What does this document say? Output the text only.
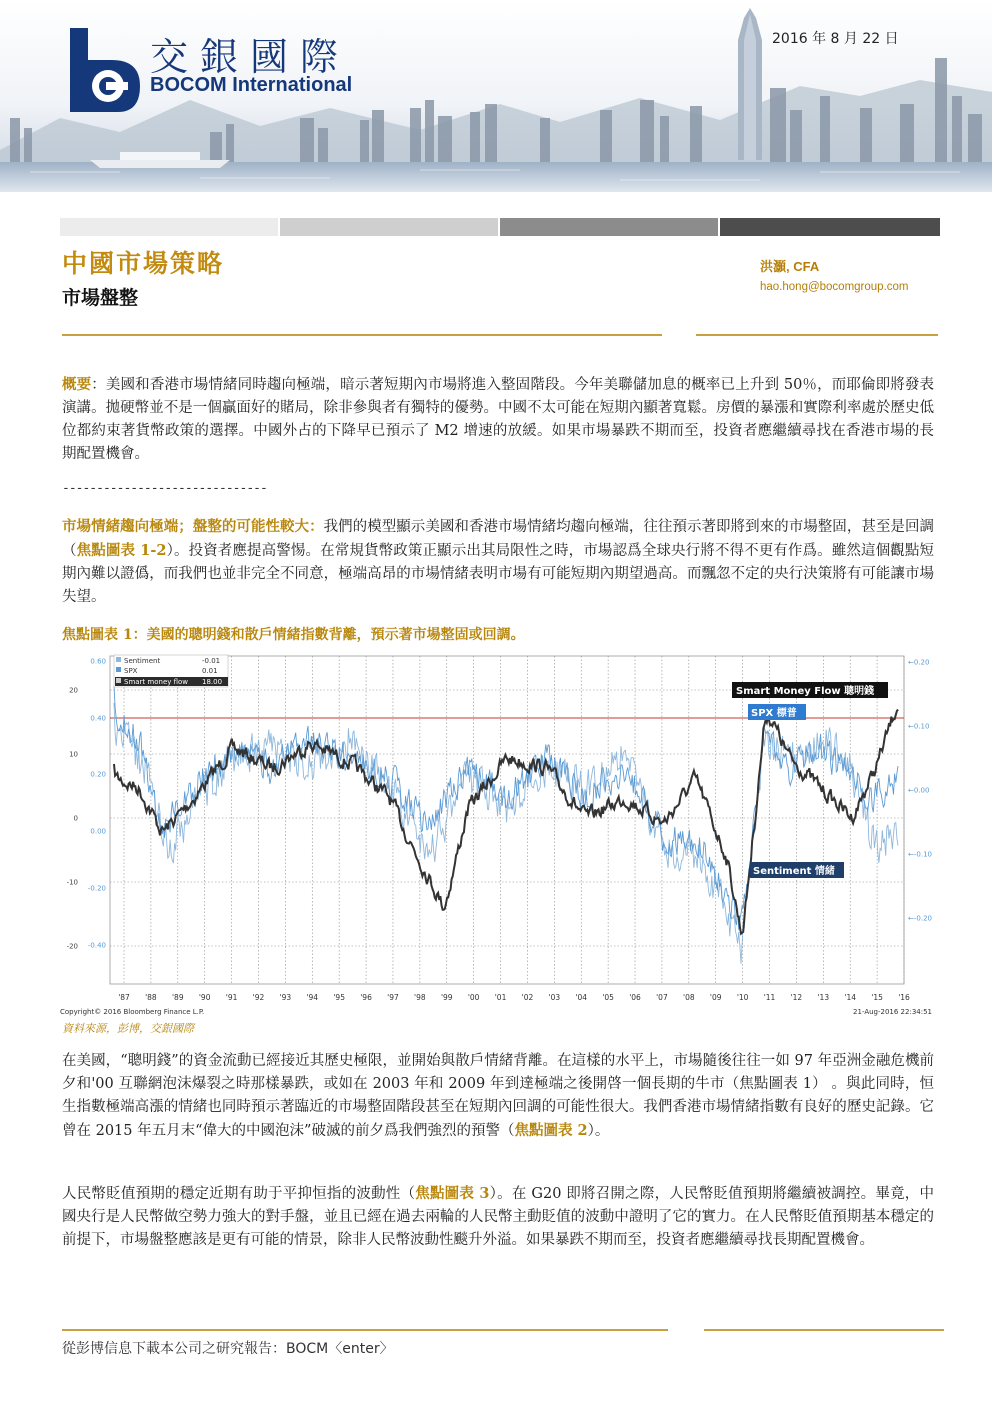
交銀國際
BOCOM International
2016 年 8 月 22 日
中國市場策略
市場盤整
洪灝, CFA
hao.hong@bocomgroup.com
概要：美國和香港市場情緒同時趨向極端，暗示著短期內市場將進入整固階段。今年美聯儲加息的概率已上升到 50％，而耶倫即將發表演講。拋硬幣並不是一個贏面好的賭局，除非參與者有獨特的優勢。中國不太可能在短期內顯著寬鬆。房價的暴漲和實際利率處於歷史低位都約束著貨幣政策的選擇。中國外占的下降早已預示了 M2 增速的放緩。如果市場暴跌不期而至，投資者應繼續尋找在香港市場的長期配置機會。
------------------------------
市場情緒趨向極端；盤整的可能性較大：我們的模型顯示美國和香港市場情緒均趨向極端，往往預示著即將到來的市場整固，甚至是回調（焦點圖表 1-2）。投資者應提高警惕。在常規貨幣政策正顯示出其局限性之時，市場認爲全球央行將不得不更有作爲。雖然這個觀點短期內難以證僞，而我們也並非完全不同意，極端高昂的市場情緒表明市場有可能短期內期望過高。而飄忽不定的央行決策將有可能讓市場失望。
焦點圖表 1：美國的聰明錢和散戶情緒指數背離，預示著市場整固或回調。
20
10
0
-10
-20
0.60
0.40
0.20
0.00
-0.20
-0.40
←0.20
←0.10
←0.00
←-0.10
←-0.20
'87 '88 '89 '90 '91 '92 '93 '94 '95 '96 '97 '98 '99 '00 '01 '02 '03 '04 '05 '06 '07 '08 '09 '10 '11 '12 '13 '14 '15 '16
Sentiment	-0.01
SPX	0.01
Smart money flow 18.00
Smart Money Flow 聰明錢
SPX 標普
Sentiment 情緒
Copyright© 2016 Bloomberg Finance L.P.	21-Aug-2016 22:34:51
資料來源，彭博，交銀國際
在美國，“聰明錢”的資金流動已經接近其歷史極限，並開始與散戶情緒背離。在這樣的水平上，市場隨後往往一如 97 年亞洲金融危機前夕和'00 互聯網泡沫爆裂之時那樣暴跌，或如在 2003 年和 2009 年到達極端之後開啓一個長期的牛市（焦點圖表 1） 。與此同時，恒生指數極端高漲的情緒也同時預示著臨近的市場整固階段甚至在短期內回調的可能性很大。我們香港市場情緒指數有良好的歷史記錄。它曾在 2015 年五月末“偉大的中國泡沫”破滅的前夕爲我們強烈的預警（焦點圖表 2）。
人民幣貶值預期的穩定近期有助于平抑恒指的波動性（焦點圖表 3）。在 G20 即將召開之際，人民幣貶值預期將繼續被調控。畢竟，中國央行是人民幣做空勢力強大的對手盤，並且已經在過去兩輪的人民幣主動貶值的波動中證明了它的實力。在人民幣貶值預期基本穩定的前提下，市場盤整應該是更有可能的情景，除非人民幣波動性颷升外溢。如果暴跌不期而至，投資者應繼續尋找長期配置機會。
從彭博信息下載本公司之研究報告：BOCM〈enter〉
